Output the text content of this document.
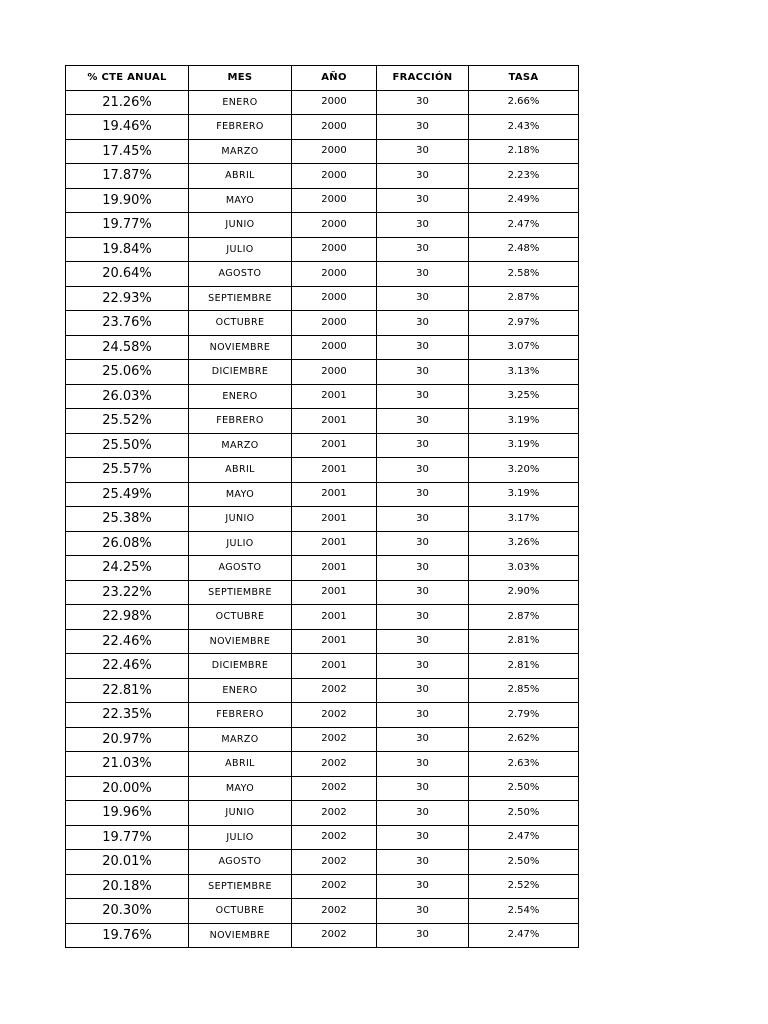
% CTE ANUAL	MES	AÑO	FRACCIÓN	TASA
21.26%	ENERO	2000	30	2.66%
19.46%	FEBRERO	2000	30	2.43%
17.45%	MARZO	2000	30	2.18%
17.87%	ABRIL	2000	30	2.23%
19.90%	MAYO	2000	30	2.49%
19.77%	JUNIO	2000	30	2.47%
19.84%	JULIO	2000	30	2.48%
20.64%	AGOSTO	2000	30	2.58%
22.93%	SEPTIEMBRE	2000	30	2.87%
23.76%	OCTUBRE	2000	30	2.97%
24.58%	NOVIEMBRE	2000	30	3.07%
25.06%	DICIEMBRE	2000	30	3.13%
26.03%	ENERO	2001	30	3.25%
25.52%	FEBRERO	2001	30	3.19%
25.50%	MARZO	2001	30	3.19%
25.57%	ABRIL	2001	30	3.20%
25.49%	MAYO	2001	30	3.19%
25.38%	JUNIO	2001	30	3.17%
26.08%	JULIO	2001	30	3.26%
24.25%	AGOSTO	2001	30	3.03%
23.22%	SEPTIEMBRE	2001	30	2.90%
22.98%	OCTUBRE	2001	30	2.87%
22.46%	NOVIEMBRE	2001	30	2.81%
22.46%	DICIEMBRE	2001	30	2.81%
22.81%	ENERO	2002	30	2.85%
22.35%	FEBRERO	2002	30	2.79%
20.97%	MARZO	2002	30	2.62%
21.03%	ABRIL	2002	30	2.63%
20.00%	MAYO	2002	30	2.50%
19.96%	JUNIO	2002	30	2.50%
19.77%	JULIO	2002	30	2.47%
20.01%	AGOSTO	2002	30	2.50%
20.18%	SEPTIEMBRE	2002	30	2.52%
20.30%	OCTUBRE	2002	30	2.54%
19.76%	NOVIEMBRE	2002	30	2.47%
